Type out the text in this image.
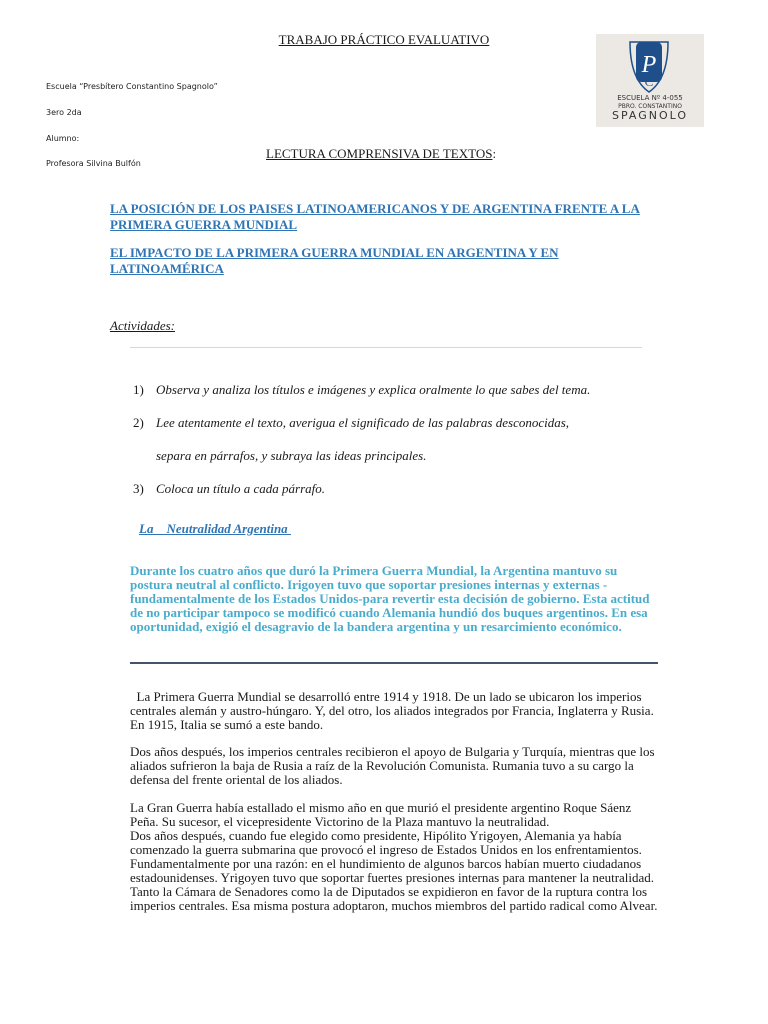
TRABAJO PRÁCTICO EVALUATIVO
Escuela “Presbítero Constantino Spagnolo”
3ero 2da
Alumno:
Profesora Silvina Bulfón
LECTURA COMPRENSIVA DE TEXTOS:
P
C
ESCUELA Nº 4-055
PBRO. CONSTANTINO
SPAGNOLO
LA POSICIÓN DE LOS PAISES LATINOAMERICANOS Y DE ARGENTINA FRENTE A LA PRIMERA GUERRA MUNDIAL
EL IMPACTO DE LA PRIMERA GUERRA MUNDIAL EN ARGENTINA Y EN LATINOAMÉRICA
Actividades:
1) Observa y analiza los títulos e imágenes y explica oralmente lo que sabes del tema.
2) Lee atentamente el texto, averigua el significado de las palabras desconocidas,
separa en párrafos, y subraya las ideas principales.
3) Coloca un título a cada párrafo.
La    Neutralidad Argentina
Durante los cuatro años que duró la Primera Guerra Mundial, la Argentina mantuvo su postura neutral al conflicto. Irigoyen tuvo que soportar presiones internas y externas -fundamentalmente de los Estados Unidos-para revertir esta decisión de gobierno. Esta actitud de no participar tampoco se modificó cuando Alemania hundió dos buques argentinos. En esa oportunidad, exigió el desagravio de la bandera argentina y un resarcimiento económico.

La Primera Guerra Mundial se desarrolló entre 1914 y 1918. De un lado se ubicaron los imperios centrales alemán y austro-húngaro. Y, del otro, los aliados integrados por Francia, Inglaterra y Rusia. En 1915, Italia se sumó a este bando.

Dos años después, los imperios centrales recibieron el apoyo de Bulgaria y Turquía, mientras que los aliados sufrieron la baja de Rusia a raíz de la Revolución Comunista. Rumania tuvo a su cargo la defensa del frente oriental de los aliados.

La Gran Guerra había estallado el mismo año en que murió el presidente argentino Roque Sáenz Peña. Su sucesor, el vicepresidente Victorino de la Plaza mantuvo la neutralidad.

Dos años después, cuando fue elegido como presidente, Hipólito Yrigoyen, Alemania ya había comenzado la guerra submarina que provocó el ingreso de Estados Unidos en los enfrentamientos. Fundamentalmente por una razón: en el hundimiento de algunos barcos habían muerto ciudadanos estadounidenses. Yrigoyen tuvo que soportar fuertes presiones internas para mantener la neutralidad. Tanto la Cámara de Senadores como la de Diputados se expidieron en favor de la ruptura contra los imperios centrales. Esa misma postura adoptaron, muchos miembros del partido radical como Alvear.
